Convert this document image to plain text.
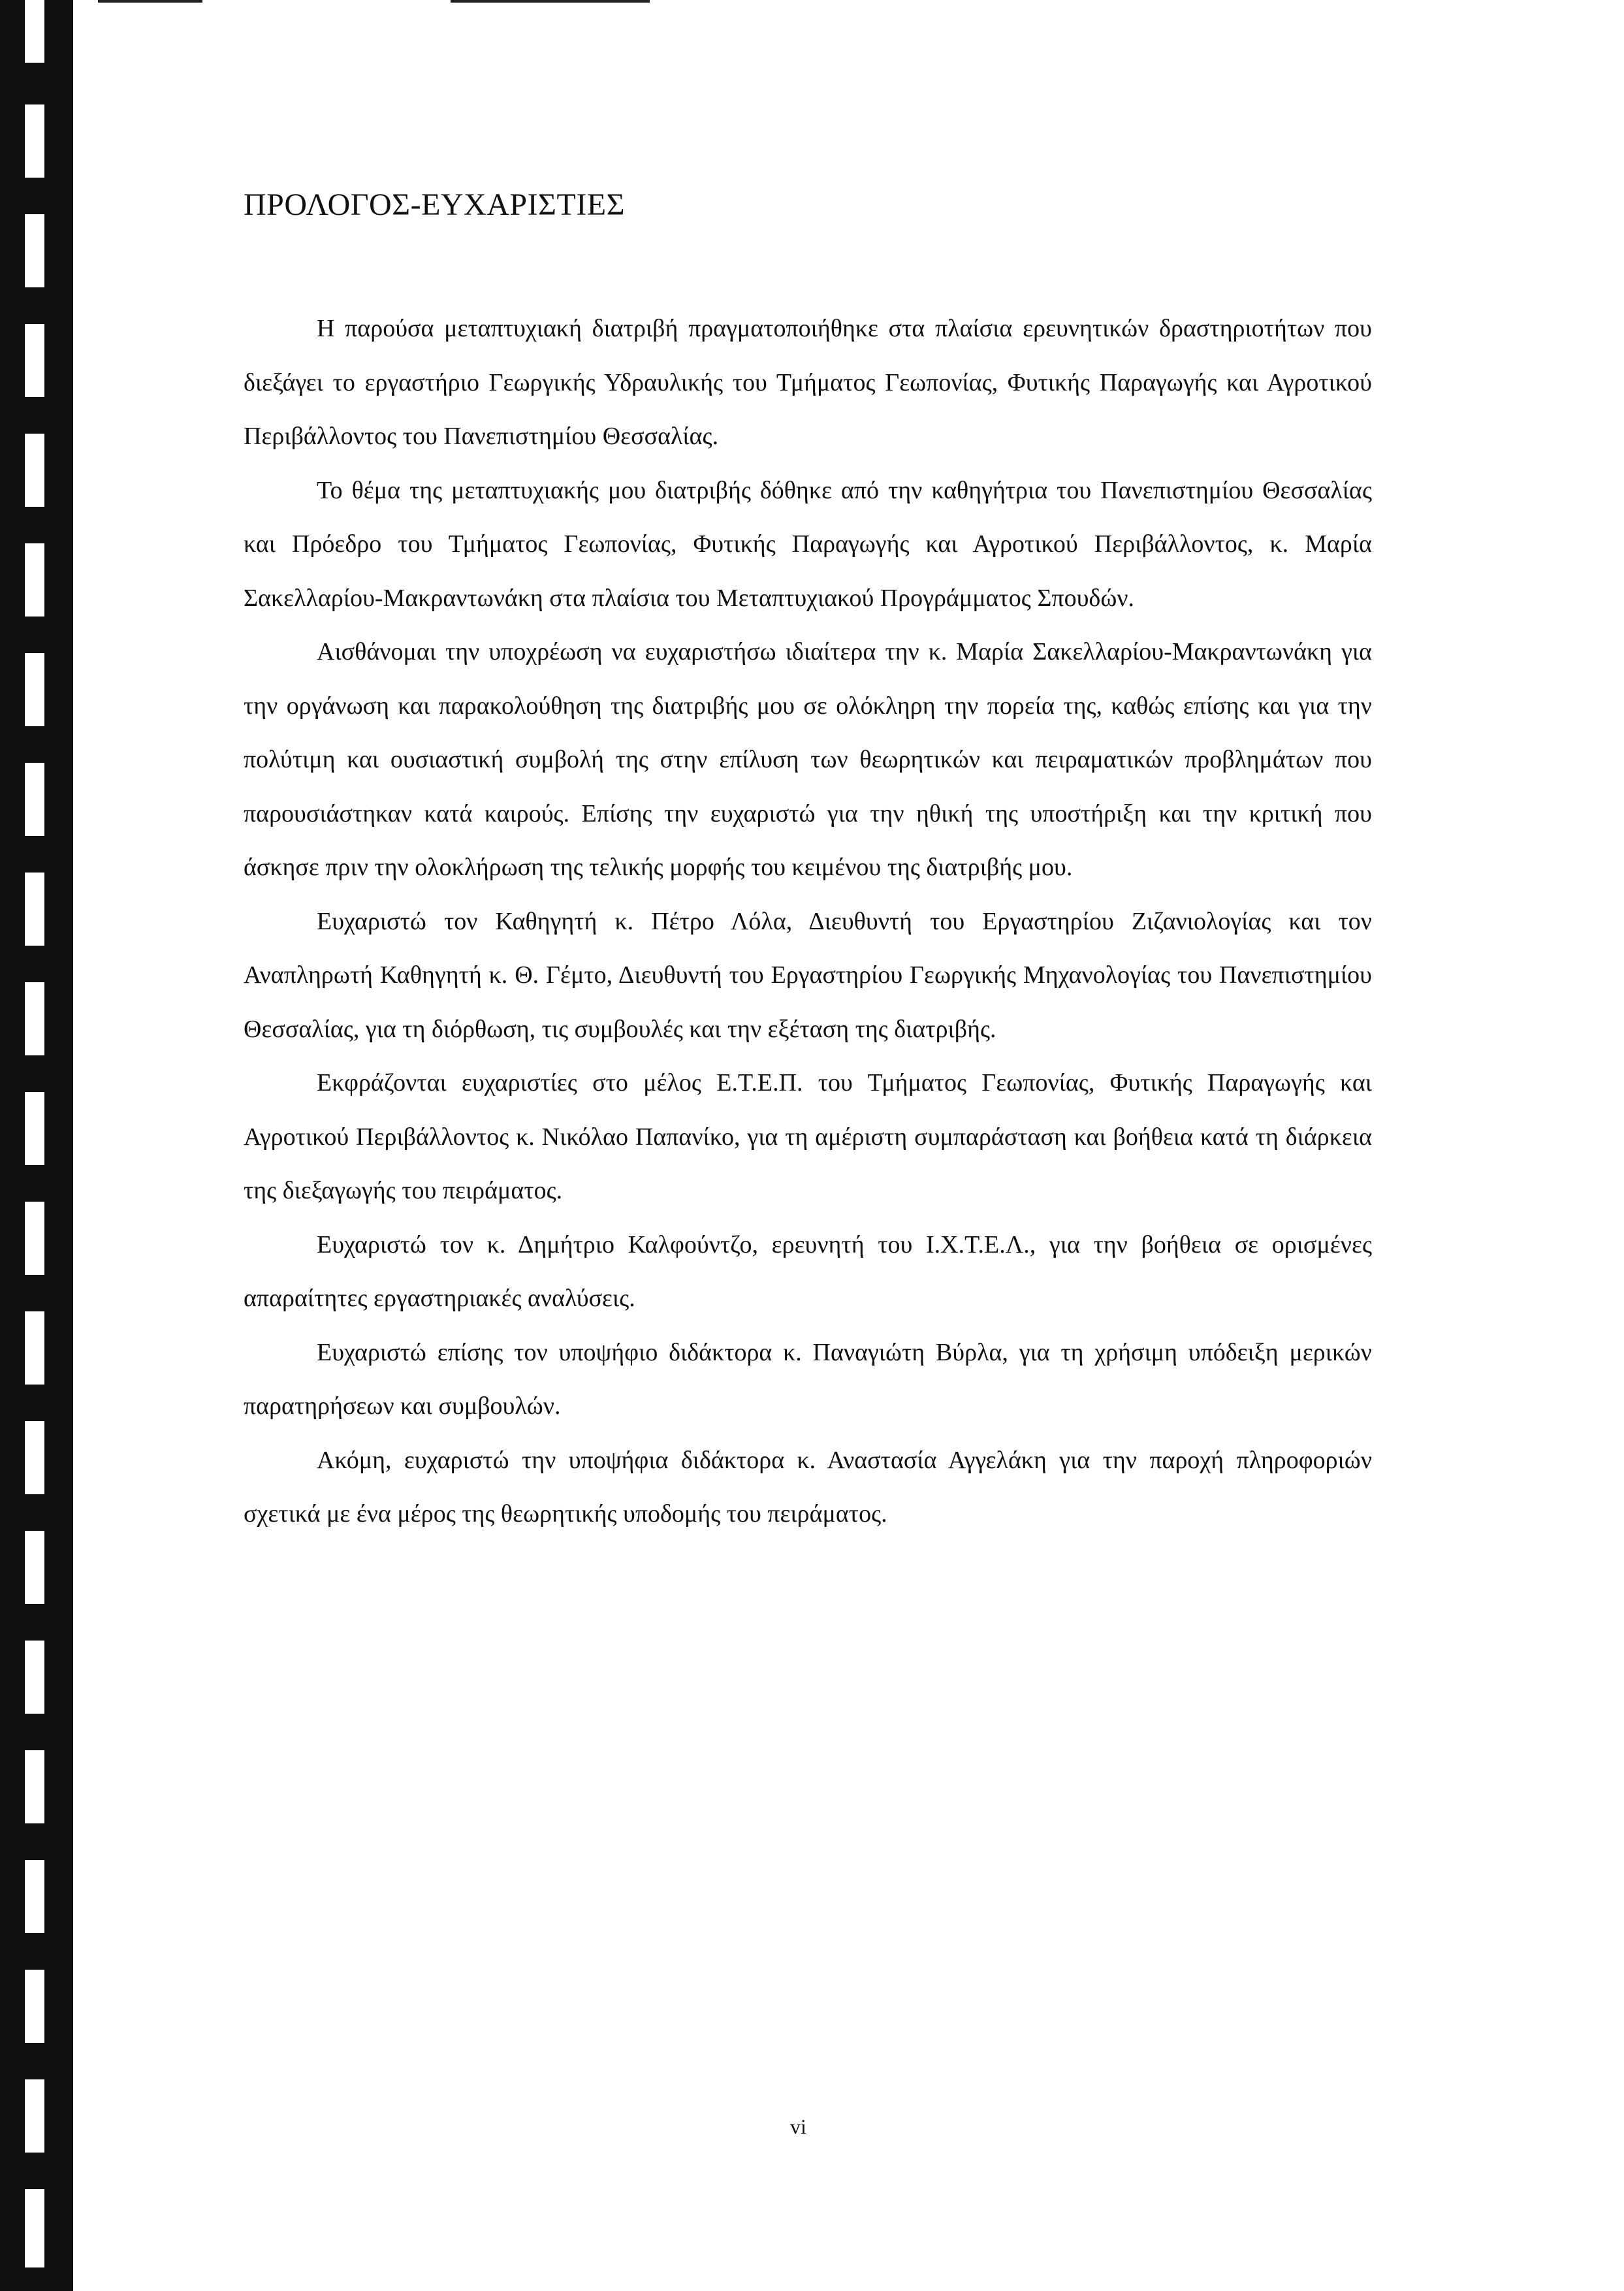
ΠΡΟΛΟΓΟΣ-ΕΥΧΑΡΙΣΤΙΕΣ

Η παρούσα μεταπτυχιακή διατριβή πραγματοποιήθηκε στα πλαίσια ερευνητικών δραστηριοτήτων που διεξάγει το εργαστήριο Γεωργικής Υδραυλικής του Τμήματος Γεωπονίας, Φυτικής Παραγωγής και Αγροτικού Περιβάλλοντος του Πανεπιστημίου Θεσσαλίας.

Το θέμα της μεταπτυχιακής μου διατριβής δόθηκε από την καθηγήτρια του Πανεπιστημίου Θεσσαλίας και Πρόεδρο του Τμήματος Γεωπονίας, Φυτικής Παραγωγής και Αγροτικού Περιβάλλοντος, κ. Μαρία Σακελλαρίου-Μακραντωνάκη στα πλαίσια του Μεταπτυχιακού Προγράμματος Σπουδών.

Αισθάνομαι την υποχρέωση να ευχαριστήσω ιδιαίτερα την κ. Μαρία Σακελλαρίου-Μακραντωνάκη για την οργάνωση και παρακολούθηση της διατριβής μου σε ολόκληρη την πορεία της, καθώς επίσης και για την πολύτιμη και ουσιαστική συμβολή της στην επίλυση των θεωρητικών και πειραματικών προβλημάτων που παρουσιάστηκαν κατά καιρούς. Επίσης την ευχαριστώ για την ηθική της υποστήριξη και την κριτική που άσκησε πριν την ολοκλήρωση της τελικής μορφής του κειμένου της διατριβής μου.

Ευχαριστώ τον Καθηγητή κ. Πέτρο Λόλα, Διευθυντή του Εργαστηρίου Ζιζανιολογίας και τον Αναπληρωτή Καθηγητή κ. Θ. Γέμτο, Διευθυντή του Εργαστηρίου Γεωργικής Μηχανολογίας του Πανεπιστημίου Θεσσαλίας, για τη διόρθωση, τις συμβουλές και την εξέταση της διατριβής.

Εκφράζονται ευχαριστίες στο μέλος Ε.Τ.Ε.Π. του Τμήματος Γεωπονίας, Φυτικής Παραγωγής και Αγροτικού Περιβάλλοντος κ. Νικόλαο Παπανίκο, για τη αμέριστη συμπαράσταση και βοήθεια κατά τη διάρκεια της διεξαγωγής του πειράματος.

Ευχαριστώ τον κ. Δημήτριο Καλφούντζο, ερευνητή του Ι.Χ.Τ.Ε.Λ., για την βοήθεια σε ορισμένες απαραίτητες εργαστηριακές αναλύσεις.

Ευχαριστώ επίσης τον υποψήφιο διδάκτορα κ. Παναγιώτη Βύρλα, για τη χρήσιμη υπόδειξη μερικών παρατηρήσεων και συμβουλών.

Ακόμη, ευχαριστώ την υποψήφια διδάκτορα κ. Αναστασία Αγγελάκη για την παροχή πληροφοριών σχετικά με ένα μέρος της θεωρητικής υποδομής του πειράματος.

vi
